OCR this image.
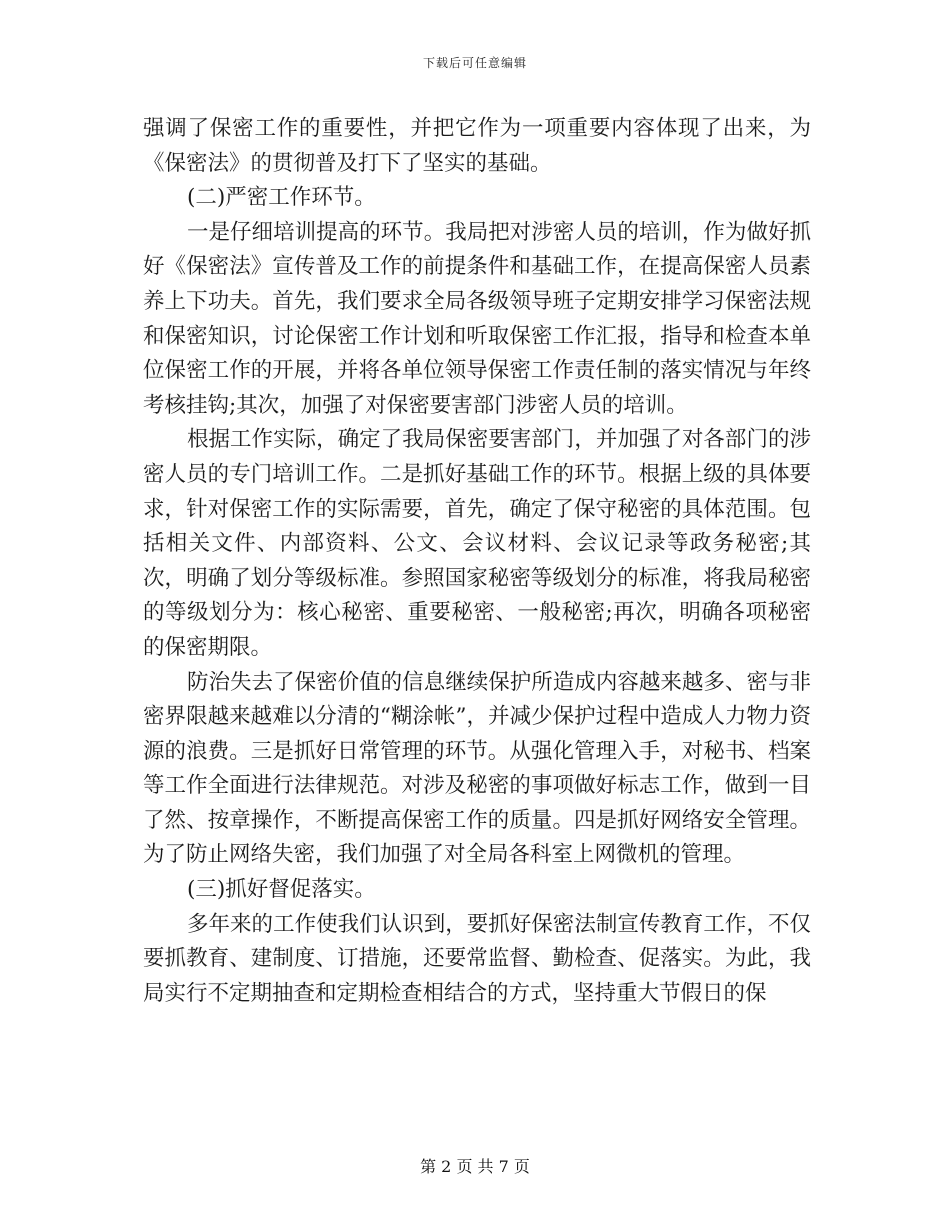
下载后可任意编辑

强调了保密工作的重要性，并把它作为一项重要内容体现了出来，为《保密法》的贯彻普及打下了坚实的基础。

(二)严密工作环节。

一是仔细培训提高的环节。我局把对涉密人员的培训，作为做好抓好《保密法》宣传普及工作的前提条件和基础工作，在提高保密人员素养上下功夫。首先，我们要求全局各级领导班子定期安排学习保密法规和保密知识，讨论保密工作计划和听取保密工作汇报，指导和检查本单位保密工作的开展，并将各单位领导保密工作责任制的落实情况与年终考核挂钩;其次，加强了对保密要害部门涉密人员的培训。

根据工作实际，确定了我局保密要害部门，并加强了对各部门的涉密人员的专门培训工作。二是抓好基础工作的环节。根据上级的具体要求，针对保密工作的实际需要，首先，确定了保守秘密的具体范围。包括相关文件、内部资料、公文、会议材料、会议记录等政务秘密;其次，明确了划分等级标准。参照国家秘密等级划分的标准，将我局秘密的等级划分为：核心秘密、重要秘密、一般秘密;再次，明确各项秘密的保密期限。

防治失去了保密价值的信息继续保护所造成内容越来越多、密与非密界限越来越难以分清的“糊涂帐”，并减少保护过程中造成人力物力资源的浪费。三是抓好日常管理的环节。从强化管理入手，对秘书、档案等工作全面进行法律规范。对涉及秘密的事项做好标志工作，做到一目了然、按章操作，不断提高保密工作的质量。四是抓好网络安全管理。为了防止网络失密，我们加强了对全局各科室上网微机的管理。

(三)抓好督促落实。

多年来的工作使我们认识到，要抓好保密法制宣传教育工作，不仅要抓教育、建制度、订措施，还要常监督、勤检查、促落实。为此，我局实行不定期抽查和定期检查相结合的方式，坚持重大节假日的保

第 2 页 共 7 页
